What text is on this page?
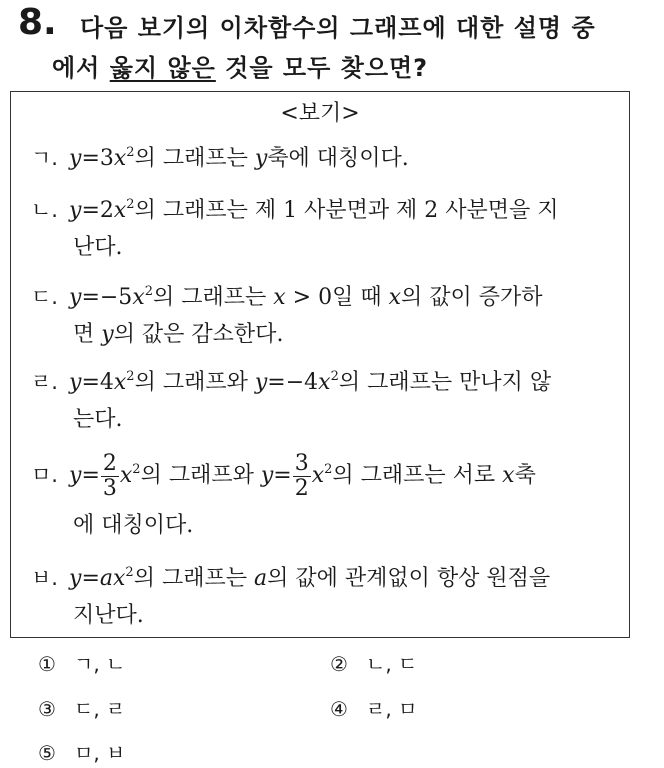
8. 다음 보기의 이차함수의 그래프에 대한 설명 중
에서 옳지 않은 것을 모두 찾으면?
<보기>
ㄱ. $y=3x^2$의 그래프는 y축에 대칭이다.
ㄴ. $y=2x^2$의 그래프는 제 1 사분면과 제 2 사분면을 지
난다.
ㄷ. $y=-5x^2$의 그래프는 x > 0일 때 x의 값이 증가하
면 y의 값은 감소한다.
ㄹ. $y=4x^2$의 그래프와 $y=-4x^2$의 그래프는 만나지 않
는다.
ㅁ. $y= \frac{2}{3} x^2$의 그래프와 $y= \frac{3}{2} x^2$의 그래프는 서로 x축
에 대칭이다.
ㅂ. $y=ax^2$의 그래프는 a의 값에 관계없이 항상 원점을
지난다.
① ㄱ, ㄴ	② ㄴ, ㄷ
③ ㄷ, ㄹ	④ ㄹ, ㅁ
⑤ ㅁ, ㅂ
